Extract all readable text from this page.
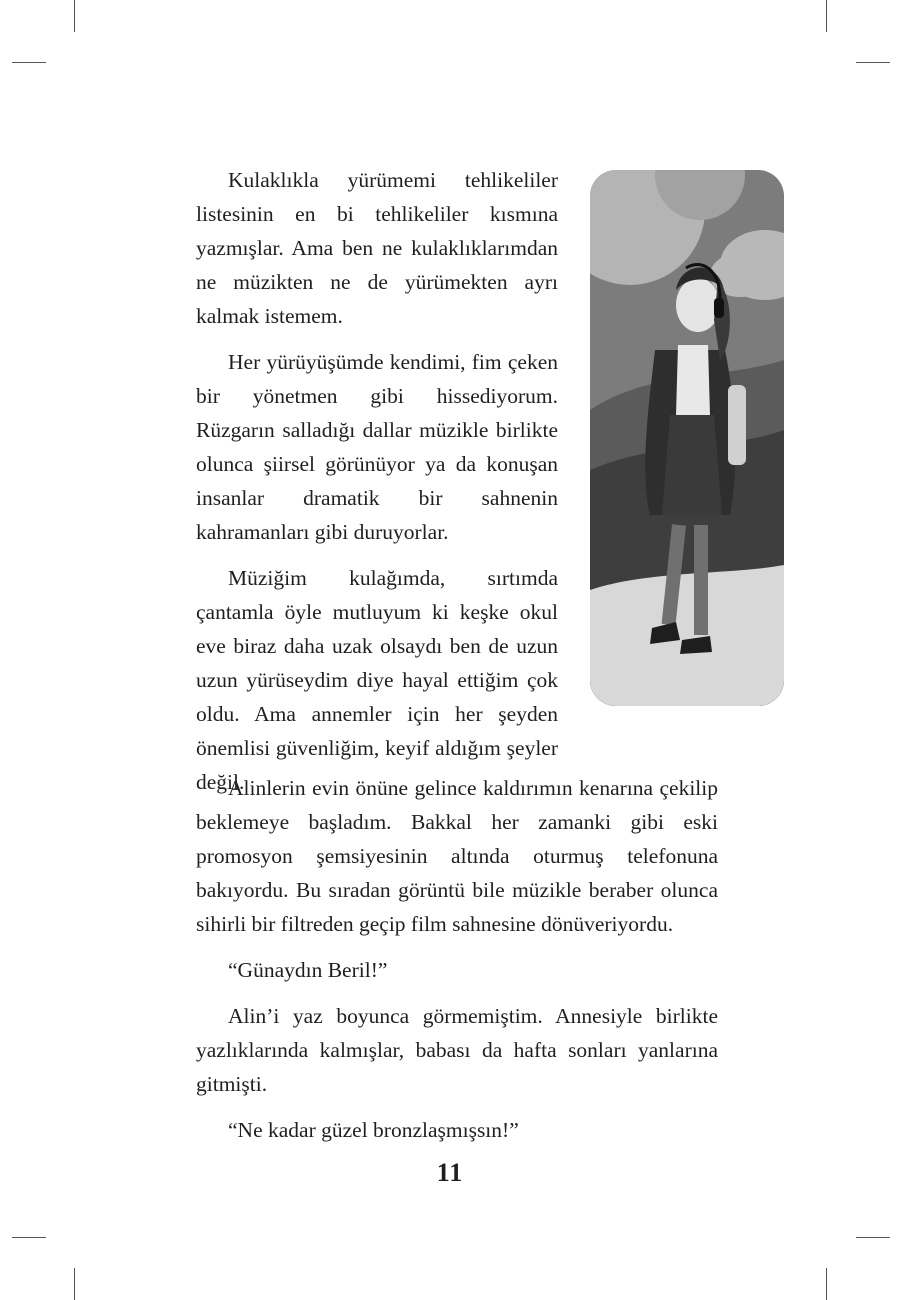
Kulaklıkla yürümemi tehlikeliler listesinin en bi tehlikeliler kısmına yazmışlar. Ama ben ne kulaklıklarımdan ne müzikten ne de yürümekten ayrı kalmak istemem.

Her yürüyüşümde kendimi, fim çeken bir yönetmen gibi hissediyorum. Rüzgarın salladığı dallar müzikle birlikte olunca şiirsel görünüyor ya da konuşan insanlar dramatik bir sahnenin kahramanları gibi duruyorlar.

Müziğim kulağımda, sırtımda çantamla öyle mutluyum ki keşke okul eve biraz daha uzak olsaydı ben de uzun uzun yürüseydim diye hayal ettiğim çok oldu. Ama annemler için her şeyden önemlisi güvenliğim, keyif aldığım şeyler değil.

Alinlerin evin önüne gelince kaldırımın kenarına çekilip beklemeye başladım. Bakkal her zamanki gibi eski promosyon şemsiyesinin altında oturmuş telefonuna bakıyordu. Bu sıradan görüntü bile müzikle beraber olunca sihirli bir filtreden geçip film sahnesine dönüveriyordu.

“Günaydın Beril!”

Alin’i yaz boyunca görmemiştim. Annesiyle birlikte yazlıklarında kalmışlar, babası da hafta sonları yanlarına gitmişti.

“Ne kadar güzel bronzlaşmışsın!”

11
